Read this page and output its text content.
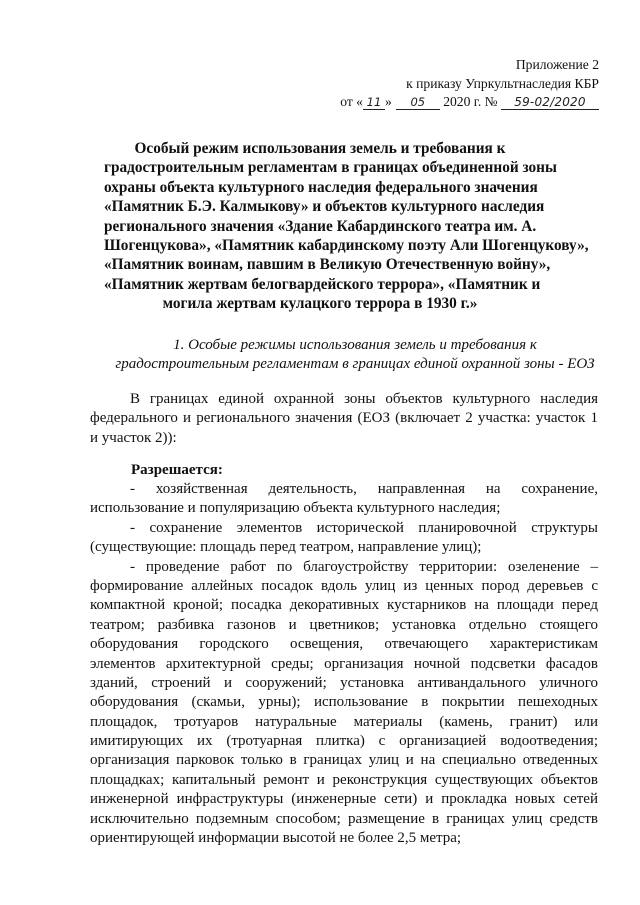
Приложение 2
к приказу Упркультнаследия КБР
от « 11 » 05 2020 г. № 59-02/2020
Особый режим использования земель и требования к
градостроительным регламентам в границах объединенной зоны
охраны объекта культурного наследия федерального значения
«Памятник Б.Э. Калмыкову» и объектов культурного наследия
регионального значения «Здание Кабардинского театра им. А.
Шогенцукова», «Памятник кабардинскому поэту Али Шогенцукову»,
«Памятник воинам, павшим в Великую Отечественную войну»,
«Памятник жертвам белогвардейского террора», «Памятник и
могила жертвам кулацкого террора в 1930 г.»
1. Особые режимы использования земель и требования к
градостроительным регламентам в границах единой охранной зоны - ЕОЗ
В границах единой охранной зоны объектов культурного наследия
федерального и регионального значения (ЕОЗ (включает 2 участка: участок 1
и участок 2)):
Разрешается:
- хозяйственная деятельность, направленная на сохранение,
использование и популяризацию объекта культурного наследия;
- сохранение элементов исторической планировочной структуры
(существующие: площадь перед театром, направление улиц);
- проведение работ по благоустройству территории: озеленение –
формирование аллейных посадок вдоль улиц из ценных пород деревьев с
компактной кроной; посадка декоративных кустарников на площади перед
театром; разбивка газонов и цветников; установка отдельно стоящего
оборудования городского освещения, отвечающего характеристикам
элементов архитектурной среды; организация ночной подсветки фасадов
зданий, строений и сооружений; установка антивандального уличного
оборудования (скамьи, урны); использование в покрытии пешеходных
площадок, тротуаров натуральные материалы (камень, гранит) или
имитирующих их (тротуарная плитка) с организацией водоотведения;
организация парковок только в границах улиц и на специально отведенных
площадках; капитальный ремонт и реконструкция существующих объектов
инженерной инфраструктуры (инженерные сети) и прокладка новых сетей
исключительно подземным способом; размещение в границах улиц средств
ориентирующей информации высотой не более 2,5 метра;
